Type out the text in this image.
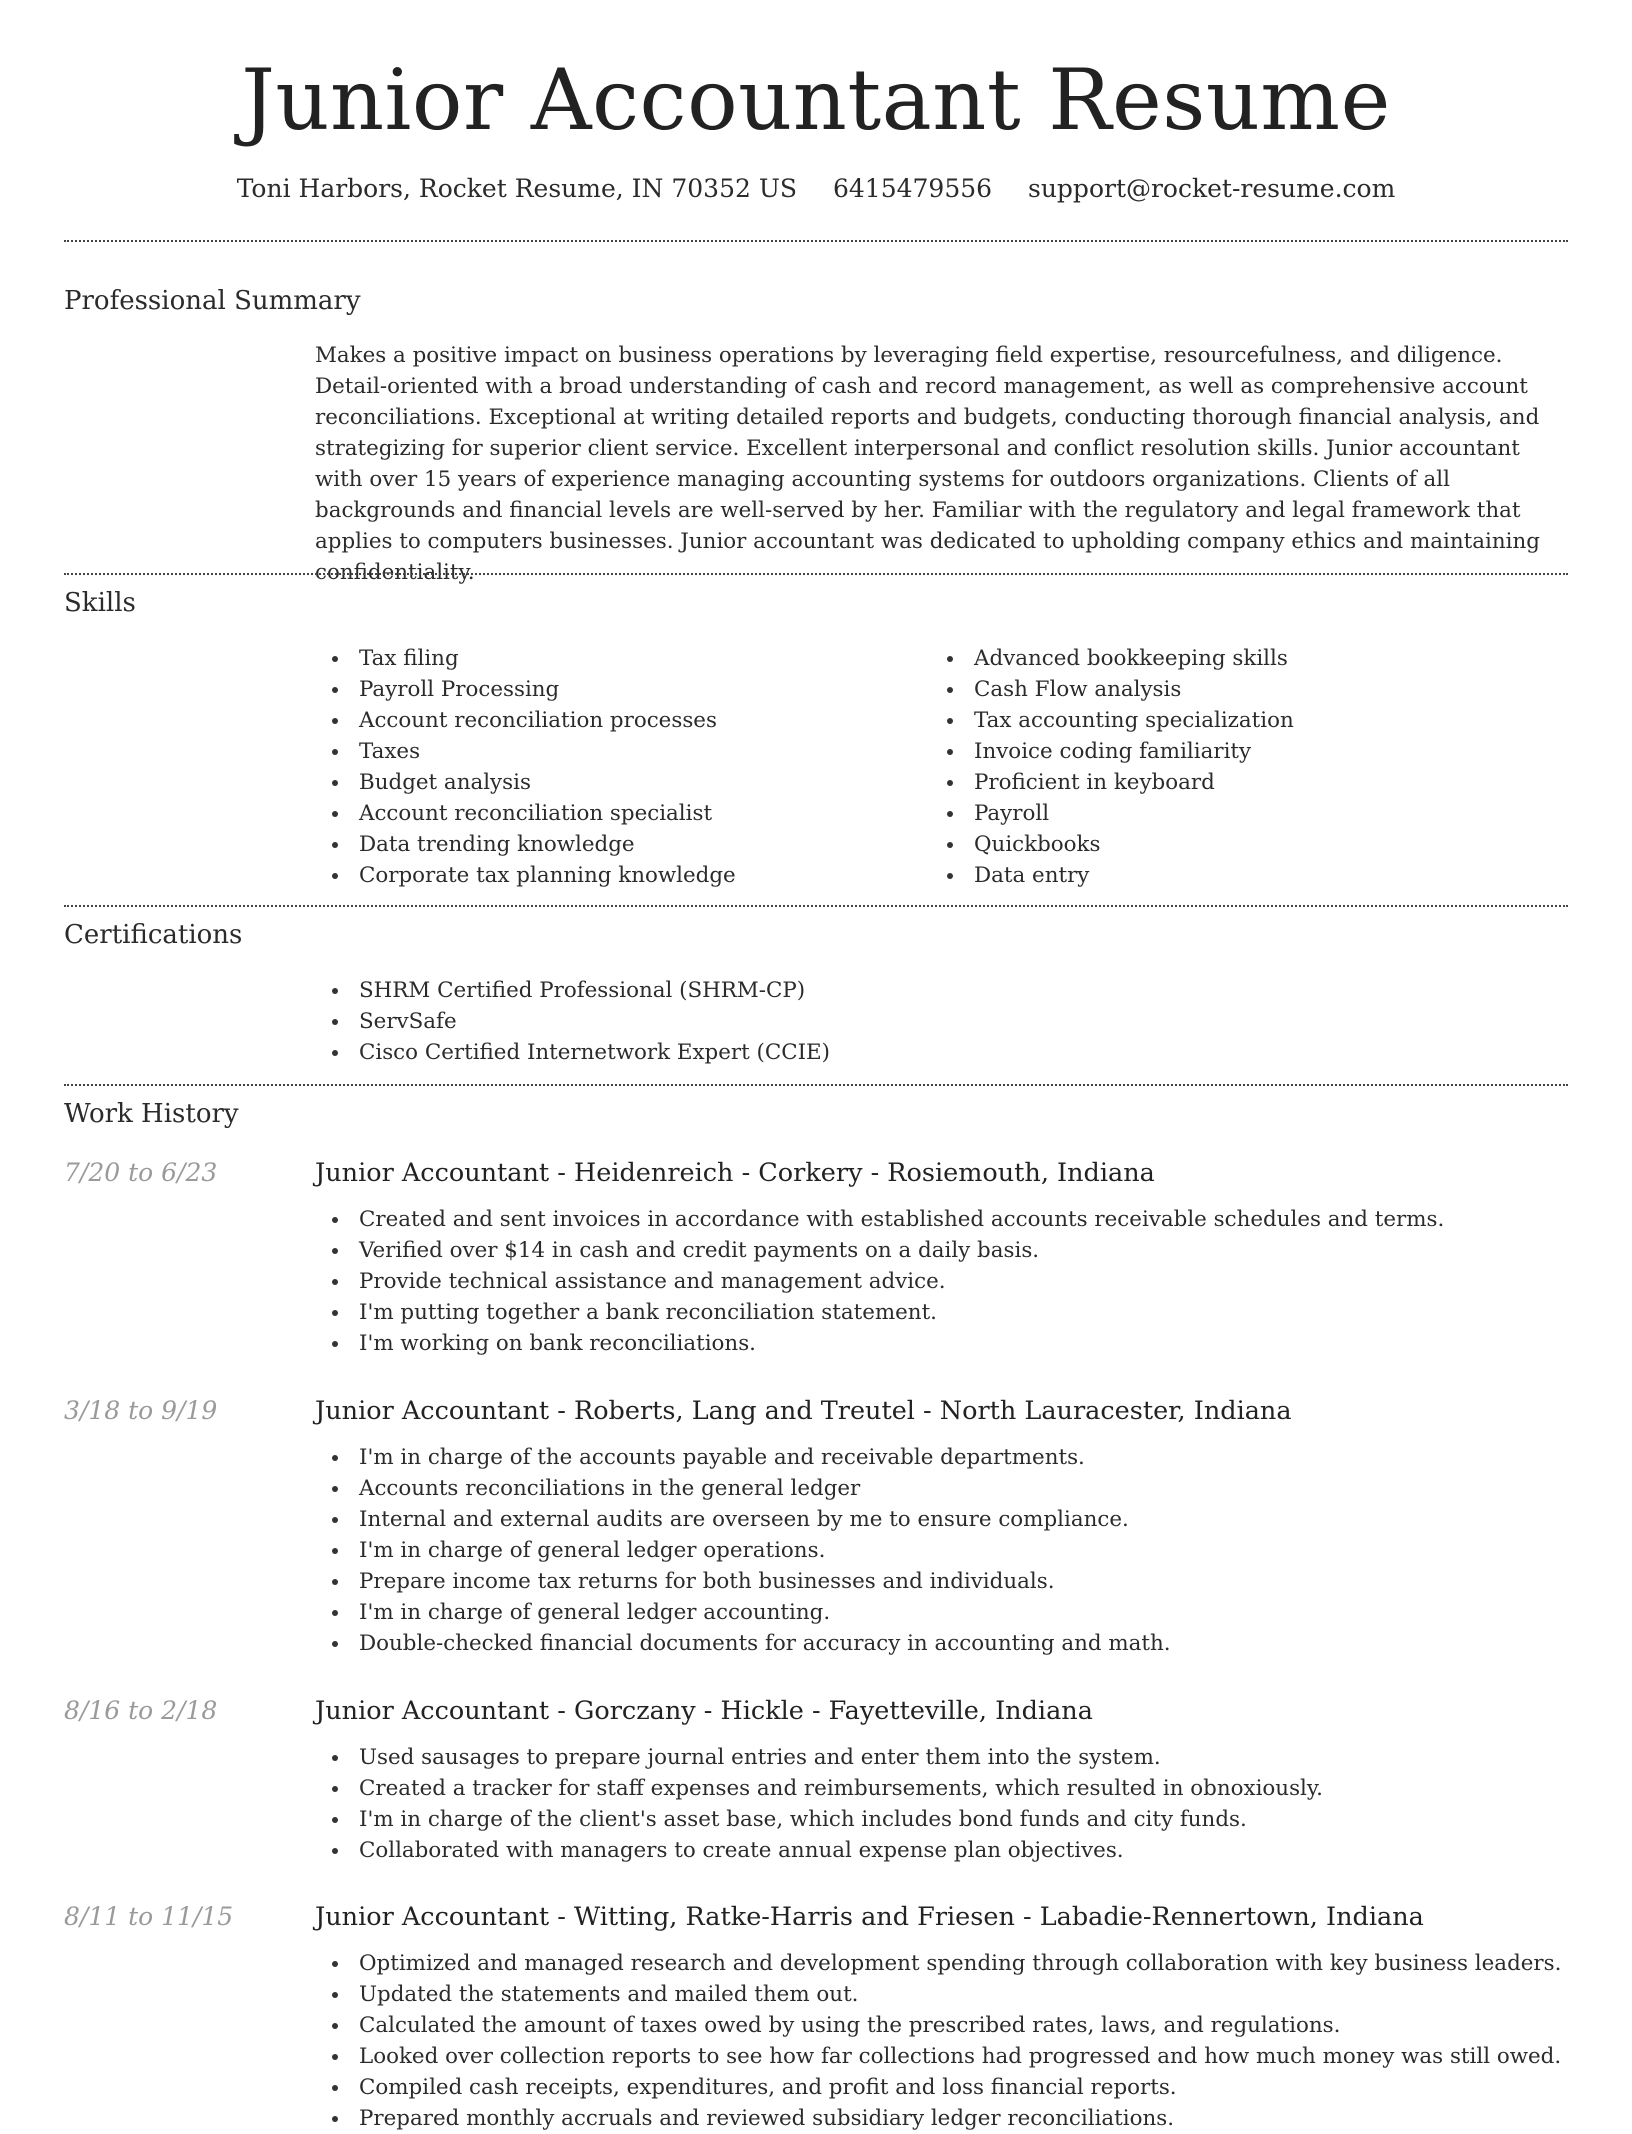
Junior Accountant Resume
Toni Harbors, Rocket Resume, IN 70352 US 6415479556 support@rocket-resume.com
Professional Summary

Makes a positive impact on business operations by leveraging field expertise, resourcefulness, and diligence. Detail-oriented with a broad understanding of cash and record management, as well as comprehensive account reconciliations. Exceptional at writing detailed reports and budgets, conducting thorough financial analysis, and strategizing for superior client service. Excellent interpersonal and conflict resolution skills. Junior accountant with over 15 years of experience managing accounting systems for outdoors organizations. Clients of all backgrounds and financial levels are well-served by her. Familiar with the regulatory and legal framework that applies to computers businesses. Junior accountant was dedicated to upholding company ethics and maintaining confidentiality.

Skills
Tax filing
Payroll Processing
Account reconciliation processes
Taxes
Budget analysis
Account reconciliation specialist
Data trending knowledge
Corporate tax planning knowledge
Advanced bookkeeping skills
Cash Flow analysis
Tax accounting specialization
Invoice coding familiarity
Proficient in keyboard
Payroll
Quickbooks
Data entry
Certifications
SHRM Certified Professional (SHRM-CP)
ServSafe
Cisco Certified Internetwork Expert (CCIE)
Work History
7/20 to 6/23	Junior Accountant - Heidenreich - Corkery - Rosiemouth, Indiana
Created and sent invoices in accordance with established accounts receivable schedules and terms.
Verified over $14 in cash and credit payments on a daily basis.
Provide technical assistance and management advice.
I'm putting together a bank reconciliation statement.
I'm working on bank reconciliations.
3/18 to 9/19	Junior Accountant - Roberts, Lang and Treutel - North Lauracester, Indiana
I'm in charge of the accounts payable and receivable departments.
Accounts reconciliations in the general ledger
Internal and external audits are overseen by me to ensure compliance.
I'm in charge of general ledger operations.
Prepare income tax returns for both businesses and individuals.
I'm in charge of general ledger accounting.
Double-checked financial documents for accuracy in accounting and math.
8/16 to 2/18	Junior Accountant - Gorczany - Hickle - Fayetteville, Indiana
Used sausages to prepare journal entries and enter them into the system.
Created a tracker for staff expenses and reimbursements, which resulted in obnoxiously.
I'm in charge of the client's asset base, which includes bond funds and city funds.
Collaborated with managers to create annual expense plan objectives.
8/11 to 11/15	Junior Accountant - Witting, Ratke-Harris and Friesen - Labadie-Rennertown, Indiana
Optimized and managed research and development spending through collaboration with key business leaders.
Updated the statements and mailed them out.
Calculated the amount of taxes owed by using the prescribed rates, laws, and regulations.
Looked over collection reports to see how far collections had progressed and how much money was still owed.
Compiled cash receipts, expenditures, and profit and loss financial reports.
Prepared monthly accruals and reviewed subsidiary ledger reconciliations.
